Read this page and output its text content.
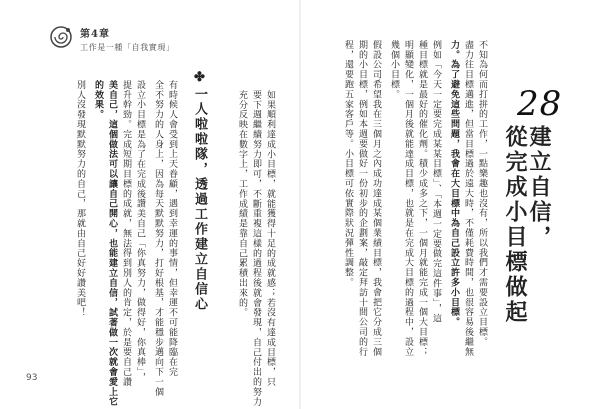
第4章
工作是一種「自我實現」
93
28
建立自信，
從完成小目標做起
不知為何而打拼的工作，一點樂趣也沒有，所以我們才需要設立目標。
盡力往目標邁進，但當目標過於遠大時，不僅耗費時間，也很容易後繼無
力。為了避免這些問題，我會在大目標中為自己設立許多小目標。
例如「今天一定要完成某某目標」、「本週一定要做完這件事」，這
種目標就是最好的催化劑。積少成多之下，一個月就能完成一個大目標；
明顯變化，一個月後就能達成目標，也就是在完成大目標的過程中，設立
幾個小目標。
假設公司希望我在三個月之內成功達成某個業績目標，我會把它分成三個
期的小目標，例如本週要做好一份初步的企劃案，敲定拜訪十間公司的行
程，還要跑五家客戶等。小目標可依實際狀況彈性調整。
如果順利達成小目標，就能獲得十足的成就感；若沒有達成目標，只
要下週繼續努力即可，不斷重複這樣的過程後就會發現，自己付出的努力
充分反映在數字上，工作成績是靠自己累積出來的。
✤一人啦啦隊，透過工作建立自信心
有時候人會受到上天眷顧，遇到幸運的事情，但幸運不可能降臨在完
全不努力的人身上，因為每天默默努力，打好根基，才能穩步邁向下一個
設立小目標是為了在完成後讚美自己「你真努力，做得好，你真棒」，
提升幹勁。完成短期目標的成就，無法得到別人的肯定，於是要自己讚
美自己，這個做法可以讓自己開心，也能建立自信，試著做一次就會愛上它
的效果。
別人沒發現默默努力的自己，那就由自己好好讚美吧！
